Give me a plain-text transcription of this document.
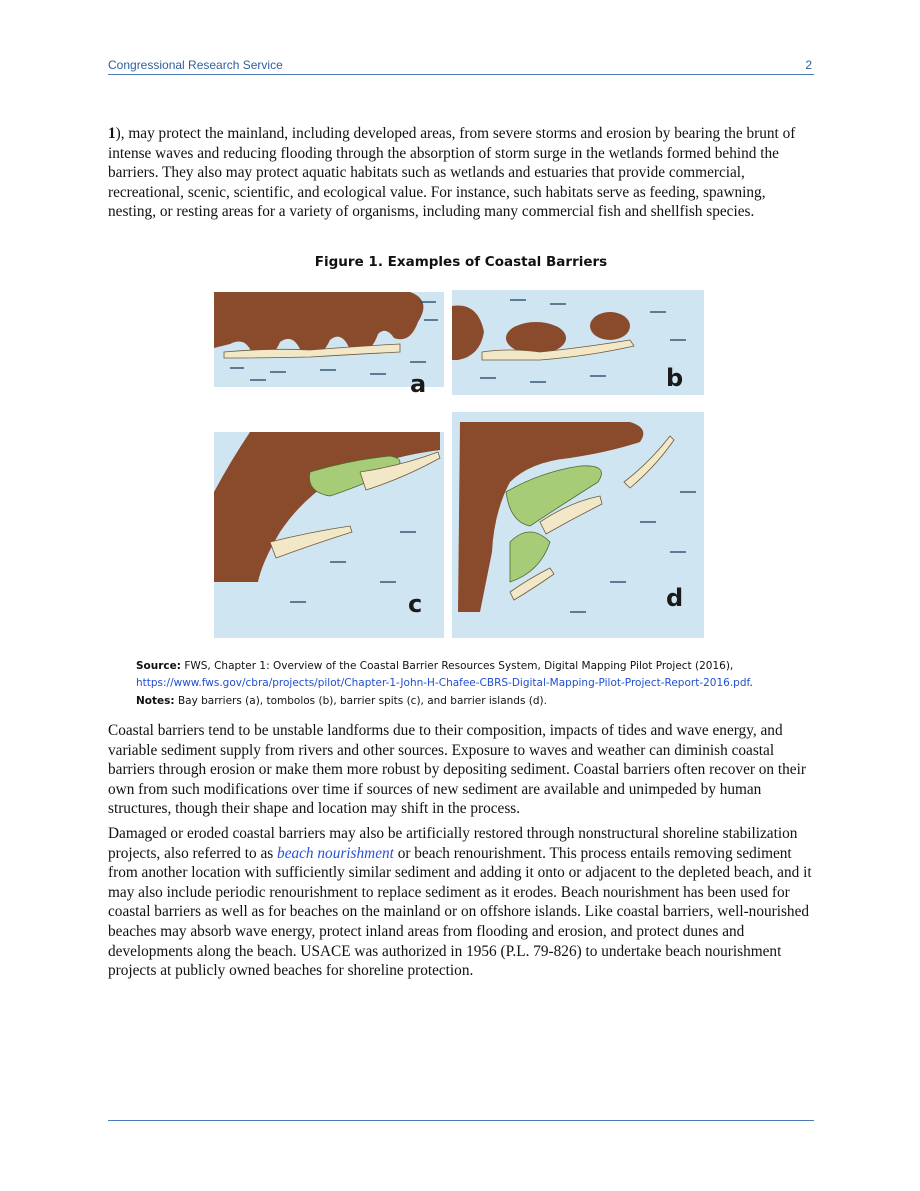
Congressional Research Service	2

1), may protect the mainland, including developed areas, from severe storms and erosion by bearing the brunt of intense waves and reducing flooding through the absorption of storm surge in the wetlands formed behind the barriers. They also may protect aquatic habitats such as wetlands and estuaries that provide commercial, recreational, scenic, scientific, and ecological value. For instance, such habitats serve as feeding, spawning, nesting, or resting areas for a variety of organisms, including many commercial fish and shellfish species.

Figure 1. Examples of Coastal Barriers
a	b
c	d
Source: FWS, Chapter 1: Overview of the Coastal Barrier Resources System, Digital Mapping Pilot Project (2016),
https://www.fws.gov/cbra/projects/pilot/Chapter-1-John-H-Chafee-CBRS-Digital-Mapping-Pilot-Project-Report-2016.pdf.
Notes: Bay barriers (a), tombolos (b), barrier spits (c), and barrier islands (d).

Coastal barriers tend to be unstable landforms due to their composition, impacts of tides and wave energy, and variable sediment supply from rivers and other sources. Exposure to waves and weather can diminish coastal barriers through erosion or make them more robust by depositing sediment. Coastal barriers often recover on their own from such modifications over time if sources of new sediment are available and unimpeded by human structures, though their shape and location may shift in the process.

Damaged or eroded coastal barriers may also be artificially restored through nonstructural shoreline stabilization projects, also referred to as beach nourishment or beach renourishment. This process entails removing sediment from another location with sufficiently similar sediment and adding it onto or adjacent to the depleted beach, and it may also include periodic renourishment to replace sediment as it erodes. Beach nourishment has been used for coastal barriers as well as for beaches on the mainland or on offshore islands. Like coastal barriers, well-nourished beaches may absorb wave energy, protect inland areas from flooding and erosion, and protect dunes and developments along the beach. USACE was authorized in 1956 (P.L. 79-826) to undertake beach nourishment projects at publicly owned beaches for shoreline protection.
